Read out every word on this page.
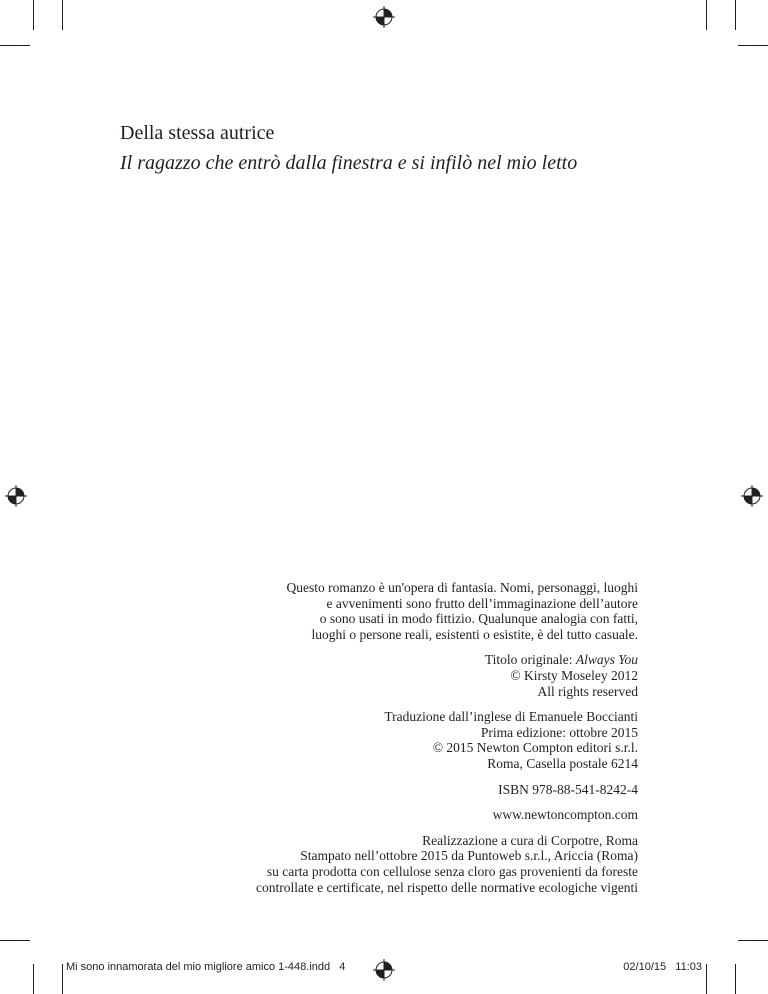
Della stessa autrice

Il ragazzo che entrò dalla finestra e si infilò nel mio letto

Questo romanzo è un'opera di fantasia. Nomi, personaggi, luoghi

e avvenimenti sono frutto dell’immaginazione dell’autore

o sono usati in modo fittizio. Qualunque analogia con fatti,

luoghi o persone reali, esistenti o esistite, è del tutto casuale.

Titolo originale: Always You

© Kirsty Moseley 2012

All rights reserved

Traduzione dall’inglese di Emanuele Boccianti

Prima edizione: ottobre 2015

© 2015 Newton Compton editori s.r.l.

Roma, Casella postale 6214

ISBN 978-88-541-8242-4

www.newtoncompton.com

Realizzazione a cura di Corpotre, Roma

Stampato nell’ottobre 2015 da Puntoweb s.r.l., Ariccia (Roma)

su carta prodotta con cellulose senza cloro gas provenienti da foreste

controllate e certificate, nel rispetto delle normative ecologiche vigenti

Mi sono innamorata del mio migliore amico 1-448.indd   4	02/10/15   11:03
